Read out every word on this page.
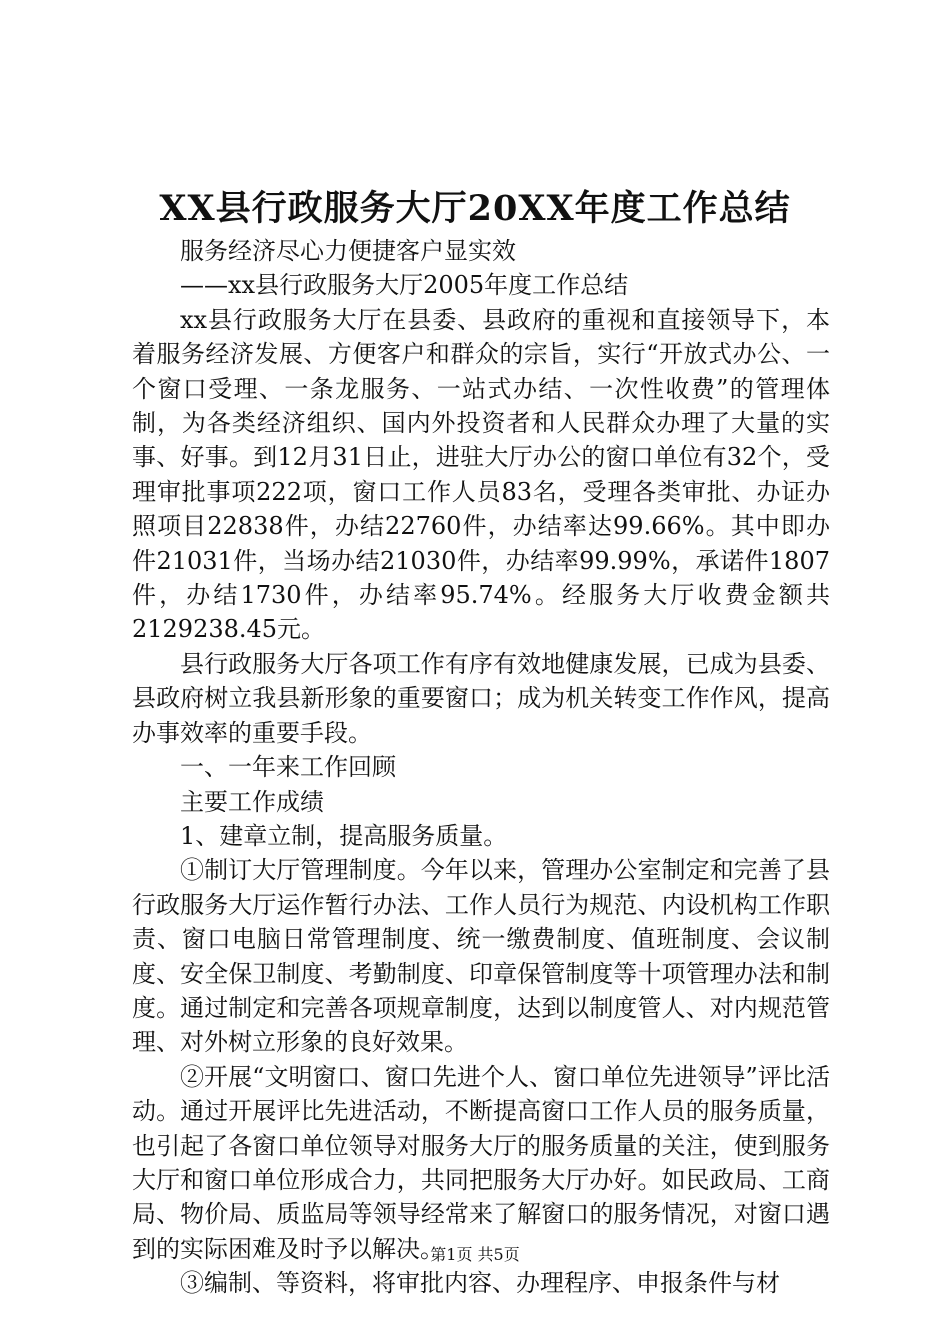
XX县行政服务大厅20XX年度工作总结

服务经济尽心力便捷客户显实效

——xx县行政服务大厅2005年度工作总结

xx县行政服务大厅在县委、县政府的重视和直接领导下，本着服务经济发展、方便客户和群众的宗旨，实行“开放式办公、一个窗口受理、一条龙服务、一站式办结、一次性收费”的管理体制，为各类经济组织、国内外投资者和人民群众办理了大量的实事、好事。到12月31日止，进驻大厅办公的窗口单位有32个，受理审批事项222项，窗口工作人员83名，受理各类审批、办证办照项目22838件，办结22760件，办结率达99.66%。其中即办件21031件，当场办结21030件，办结率99.99%，承诺件1807件，办结1730件，办结率95.74%。经服务大厅收费金额共2129238.45元。

县行政服务大厅各项工作有序有效地健康发展，已成为县委、县政府树立我县新形象的重要窗口；成为机关转变工作作风，提高办事效率的重要手段。

一、一年来工作回顾

主要工作成绩

1、建章立制，提高服务质量。

①制订大厅管理制度。今年以来，管理办公室制定和完善了县行政服务大厅运作暂行办法、工作人员行为规范、内设机构工作职责、窗口电脑日常管理制度、统一缴费制度、值班制度、会议制度、安全保卫制度、考勤制度、印章保管制度等十项管理办法和制度。通过制定和完善各项规章制度，达到以制度管人、对内规范管理、对外树立形象的良好效果。

②开展“文明窗口、窗口先进个人、窗口单位先进领导”评比活动。通过开展评比先进活动，不断提高窗口工作人员的服务质量，也引起了各窗口单位领导对服务大厅的服务质量的关注，使到服务大厅和窗口单位形成合力，共同把服务大厅办好。如民政局、工商局、物价局、质监局等领导经常来了解窗口的服务情况，对窗口遇到的实际困难及时予以解决。

③编制、等资料，将审批内容、办理程序、申报条件与材

第1页 共5页
